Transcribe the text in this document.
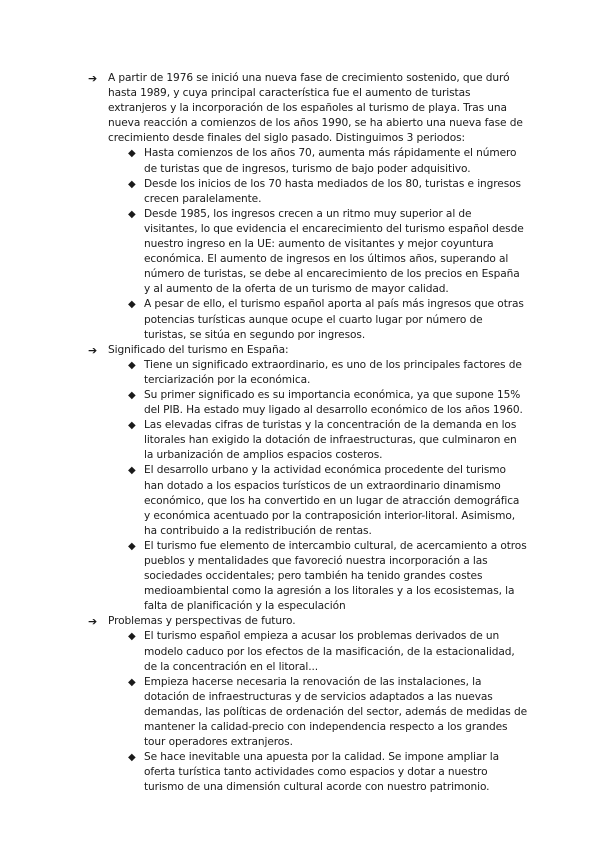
➔	A partir de 1976 se inició una nueva fase de crecimiento sostenido, que duró hasta 1989, y cuya principal característica fue el aumento de turistas extranjeros y la incorporación de los españoles al turismo de playa. Tras una nueva reacción a comienzos de los años 1990, se ha abierto una nueva fase de crecimiento desde finales del siglo pasado. Distinguimos 3 periodos:
◆ Hasta comienzos de los años 70, aumenta más rápidamente el número de turistas que de ingresos, turismo de bajo poder adquisitivo.
◆ Desde los inicios de los 70 hasta mediados de los 80, turistas e ingresos crecen paralelamente.
◆ Desde 1985, los ingresos crecen a un ritmo muy superior al de visitantes, lo que evidencia el encarecimiento del turismo español desde nuestro ingreso en la UE: aumento de visitantes y mejor coyuntura económica. El aumento de ingresos en los últimos años, superando al número de turistas, se debe al encarecimiento de los precios en España y al aumento de la oferta de un turismo de mayor calidad.
◆ A pesar de ello, el turismo español aporta al país más ingresos que otras potencias turísticas aunque ocupe el cuarto lugar por número de turistas, se sitúa en segundo por ingresos.
➔	Significado del turismo en España:
◆ Tiene un significado extraordinario, es uno de los principales factores de terciarización por la económica.
◆ Su primer significado es su importancia económica, ya que supone 15% del PIB. Ha estado muy ligado al desarrollo económico de los años 1960.
◆ Las elevadas cifras de turistas y la concentración de la demanda en los litorales han exigido la dotación de infraestructuras, que culminaron en la urbanización de amplios espacios costeros.
◆ El desarrollo urbano y la actividad económica procedente del turismo han dotado a los espacios turísticos de un extraordinario dinamismo económico, que los ha convertido en un lugar de atracción demográfica y económica acentuado por la contraposición interior-litoral. Asimismo, ha contribuido a la redistribución de rentas.
◆ El turismo fue elemento de intercambio cultural, de acercamiento a otros pueblos y mentalidades que favoreció nuestra incorporación a las sociedades occidentales; pero también ha tenido grandes costes medioambiental como la agresión a los litorales y a los ecosistemas, la falta de planificación y la especulación
➔	Problemas y perspectivas de futuro.
◆ El turismo español empieza a acusar los problemas derivados de un modelo caduco por los efectos de la masificación, de la estacionalidad, de la concentración en el litoral...
◆ Empieza hacerse necesaria la renovación de las instalaciones, la dotación de infraestructuras y de servicios adaptados a las nuevas demandas, las políticas de ordenación del sector, además de medidas de mantener la calidad-precio con independencia respecto a los grandes tour operadores extranjeros.
◆ Se hace inevitable una apuesta por la calidad. Se impone ampliar la oferta turística tanto actividades como espacios y dotar a nuestro turismo de una dimensión cultural acorde con nuestro patrimonio.
